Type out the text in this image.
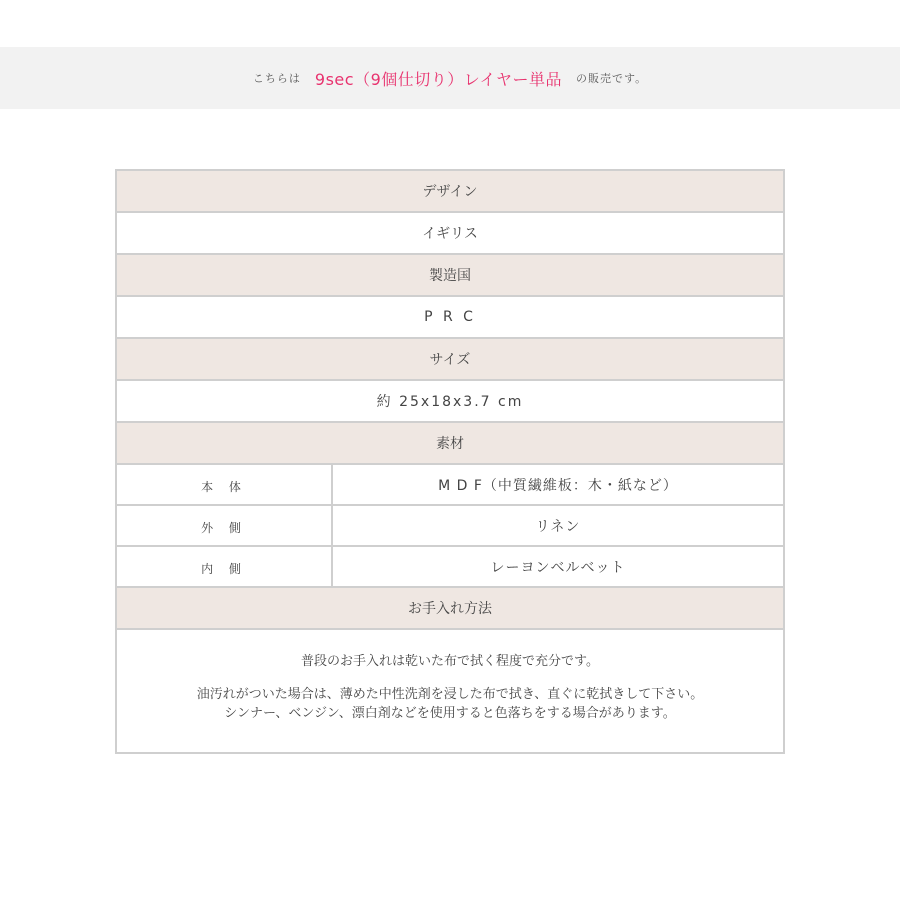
こちらは 9sec（9個仕切り）レイヤー単品 の販売です。
デザイン
イギリス
製造国
P R C
サイズ
約 25x18x3.7 cm
素材
本 体	M D F（中質繊維板：木・紙など）
外 側	リネン
内 側	レーヨンベルベット
お手入れ方法

普段のお手入れは乾いた布で拭く程度で充分です。

油汚れがついた場合は、薄めた中性洗剤を浸した布で拭き、直ぐに乾拭きして下さい。

シンナー、ベンジン、漂白剤などを使用すると色落ちをする場合があります。
